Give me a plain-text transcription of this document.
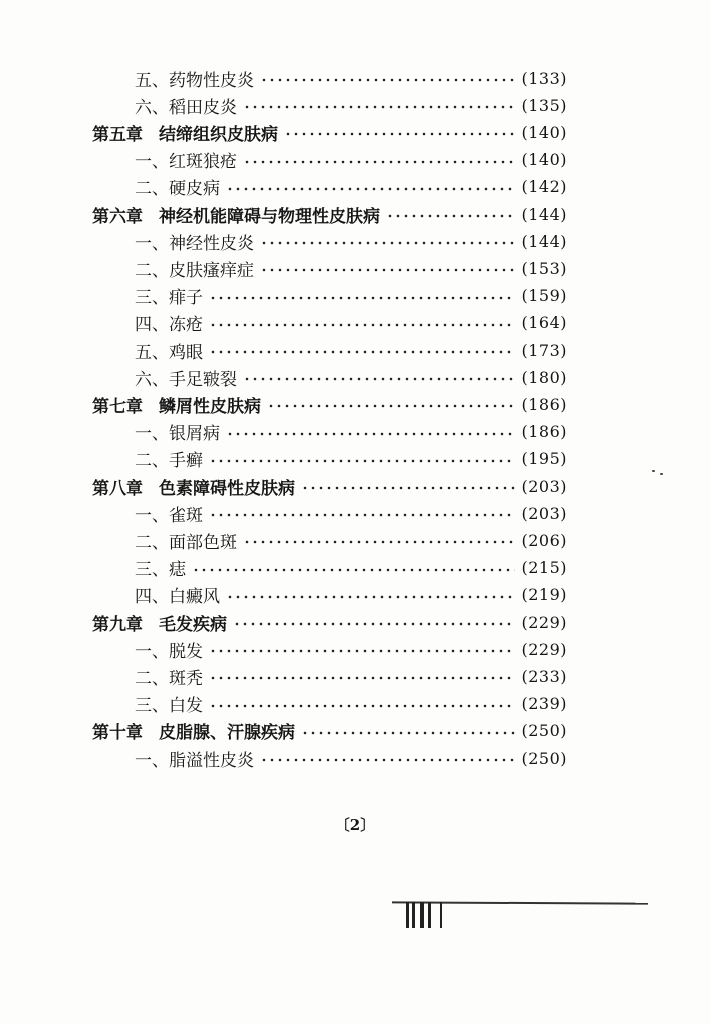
五、药物性皮炎	(133)
六、稻田皮炎	(135)
第五章 结缔组织皮肤病	(140)
一、红斑狼疮	(140)
二、硬皮病	(142)
第六章 神经机能障碍与物理性皮肤病	(144)
一、神经性皮炎	(144)
二、皮肤瘙痒症	(153)
三、痱子	(159)
四、冻疮	(164)
五、鸡眼	(173)
六、手足皲裂	(180)
第七章 鳞屑性皮肤病	(186)
一、银屑病	(186)
二、手癣	(195)
第八章 色素障碍性皮肤病	(203)
一、雀斑	(203)
二、面部色斑	(206)
三、痣	(215)
四、白癜风	(219)
第九章 毛发疾病	(229)
一、脱发	(229)
二、斑秃	(233)
三、白发	(239)
第十章 皮脂腺、汗腺疾病	(250)
一、脂溢性皮炎	(250)
〔2〕
